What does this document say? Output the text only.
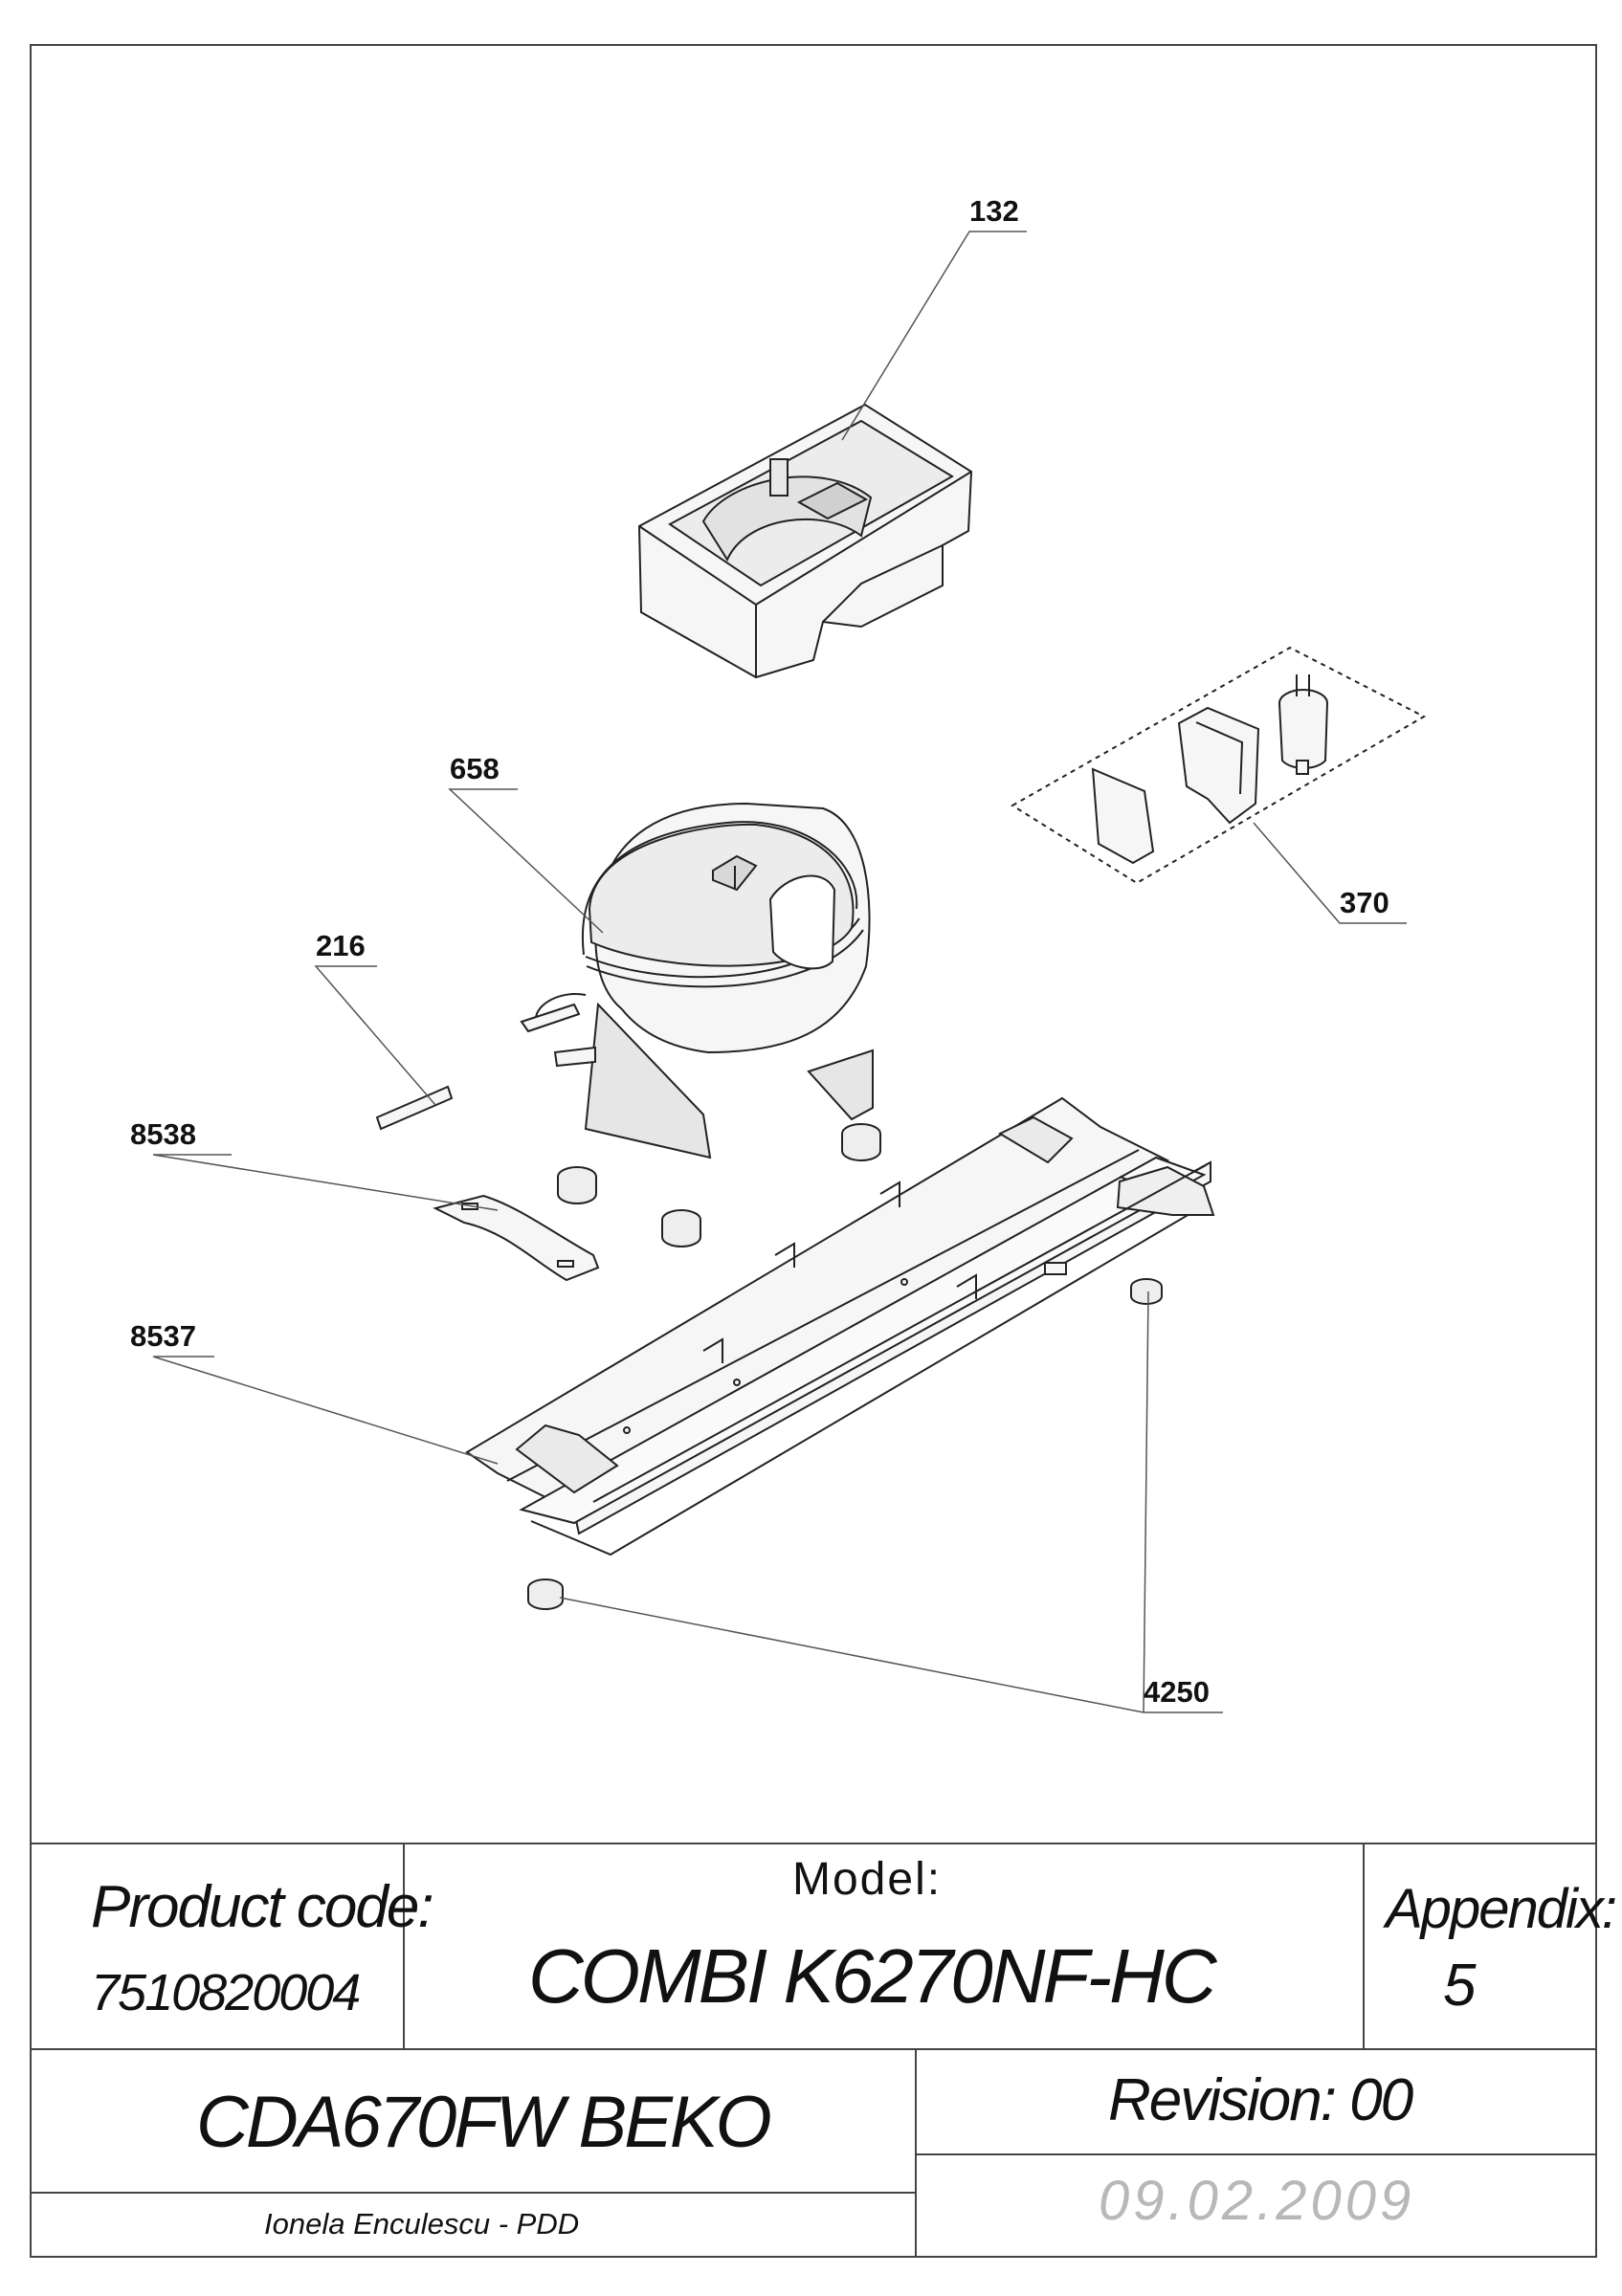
132
658
370
216
8538
8537
4250
Product code:
7510820004
Model:
COMBI K6270NF-HC
Appendix:
5
CDA670FW BEKO	Revision: 00
Ionela Enculescu - PDD	09.02.2009
